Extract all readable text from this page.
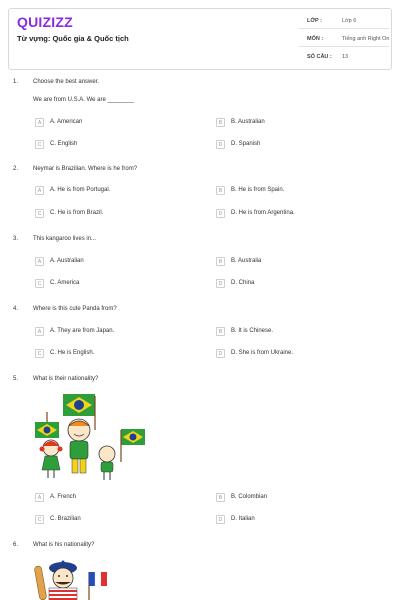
QUIZIZZ
Từ vựng: Quốc gia & Quốc tịch
LỚP :	Lớp 6
MÔN :	Tiếng anh Right On
SỐ CÂU : 13
1. Choose the best answer.
We are from U.S.A. We are ________
A	A. American	B	B. Australian
C	C. English	D	D. Spanish
2. Neymar is Brazilian. Where is he from?
A	A. He is from Portugal.	B	B. He is from Spain.
C	C. He is from Brazil.	D	D. He is from Argentina.
3. This kangaroo lives in...
A	A. Australian	B	B. Australia
C	C. America	D	D. China
4. Where is this cute Panda from?
A	A. They are from Japan.	B	B. It is Chinese.
C	C. He is English.	D	D. She is from Ukraine.
5. What is their nationality?
A	A. French	B	B. Colombian
C	C. Brazilian	D	D. Italian
6. What is his nationality?
